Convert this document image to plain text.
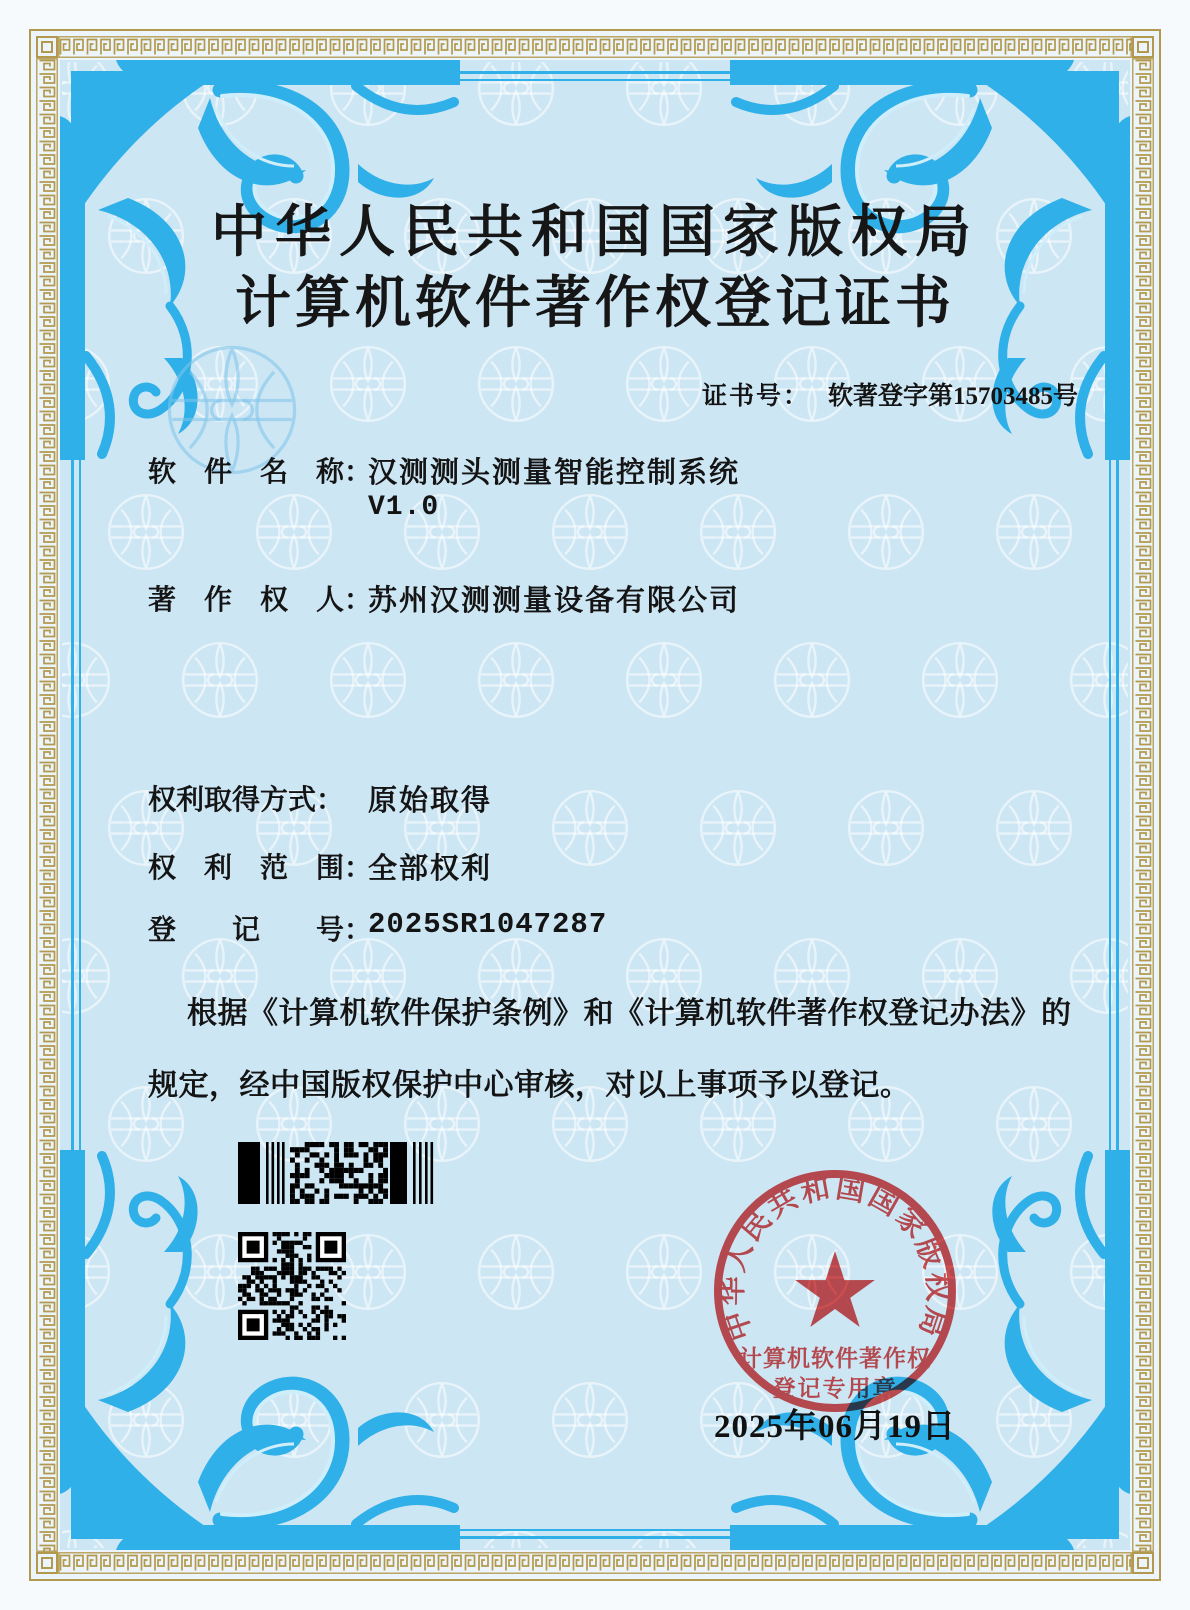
中华人民共和国国家版权局
计算机软件著作权登记证书
证书号： 软著登字第15703485号
软　件　名　称：
汉测测头测量智能控制系统
V1.0
著　作　权　人：
苏州汉测测量设备有限公司
权利取得方式： 原始取得
权　利　范　围：
全部权利
登　　记　　号：
2025SR1047287
根据《计算机软件保护条例》和《计算机软件著作权登记办法》的
规定，经中国版权保护中心审核，对以上事项予以登记。
中华人民共和国国家版权局
计算机软件著作权
登记专用章
2025年06月19日
